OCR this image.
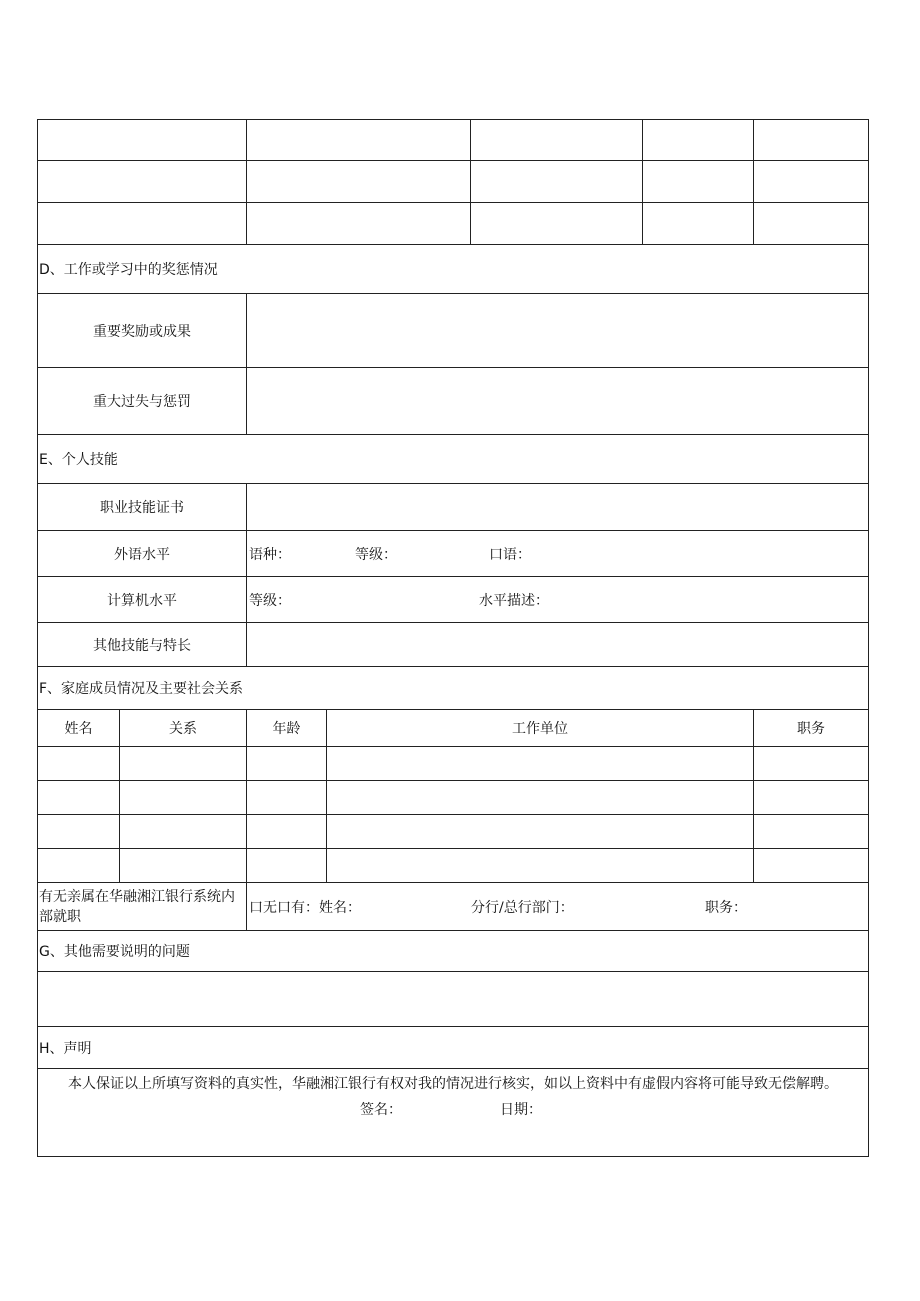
D、工作或学习中的奖惩情况						
重要奖励或成果						
重大过失与惩罚						
E、个人技能						
职业技能证书						
外语水平		语种： 等级： 口语：				
计算机水平		等级： 水平描述：				
其他技能与特长						
F、家庭成员情况及主要社会关系						
姓名	关系	年龄	工作单位			职务

有无亲属在华融湘江银行系统内部就职		口无口有：姓名： 分行/总行部门： 职务：				
G、其他需要说明的问题						

H、声明						

本人保证以上所填写资料的真实性，华融湘江银行有权对我的情况进行核实，如以上资料中有虚假内容将可能导致无偿解聘。
签名： 日期：						
